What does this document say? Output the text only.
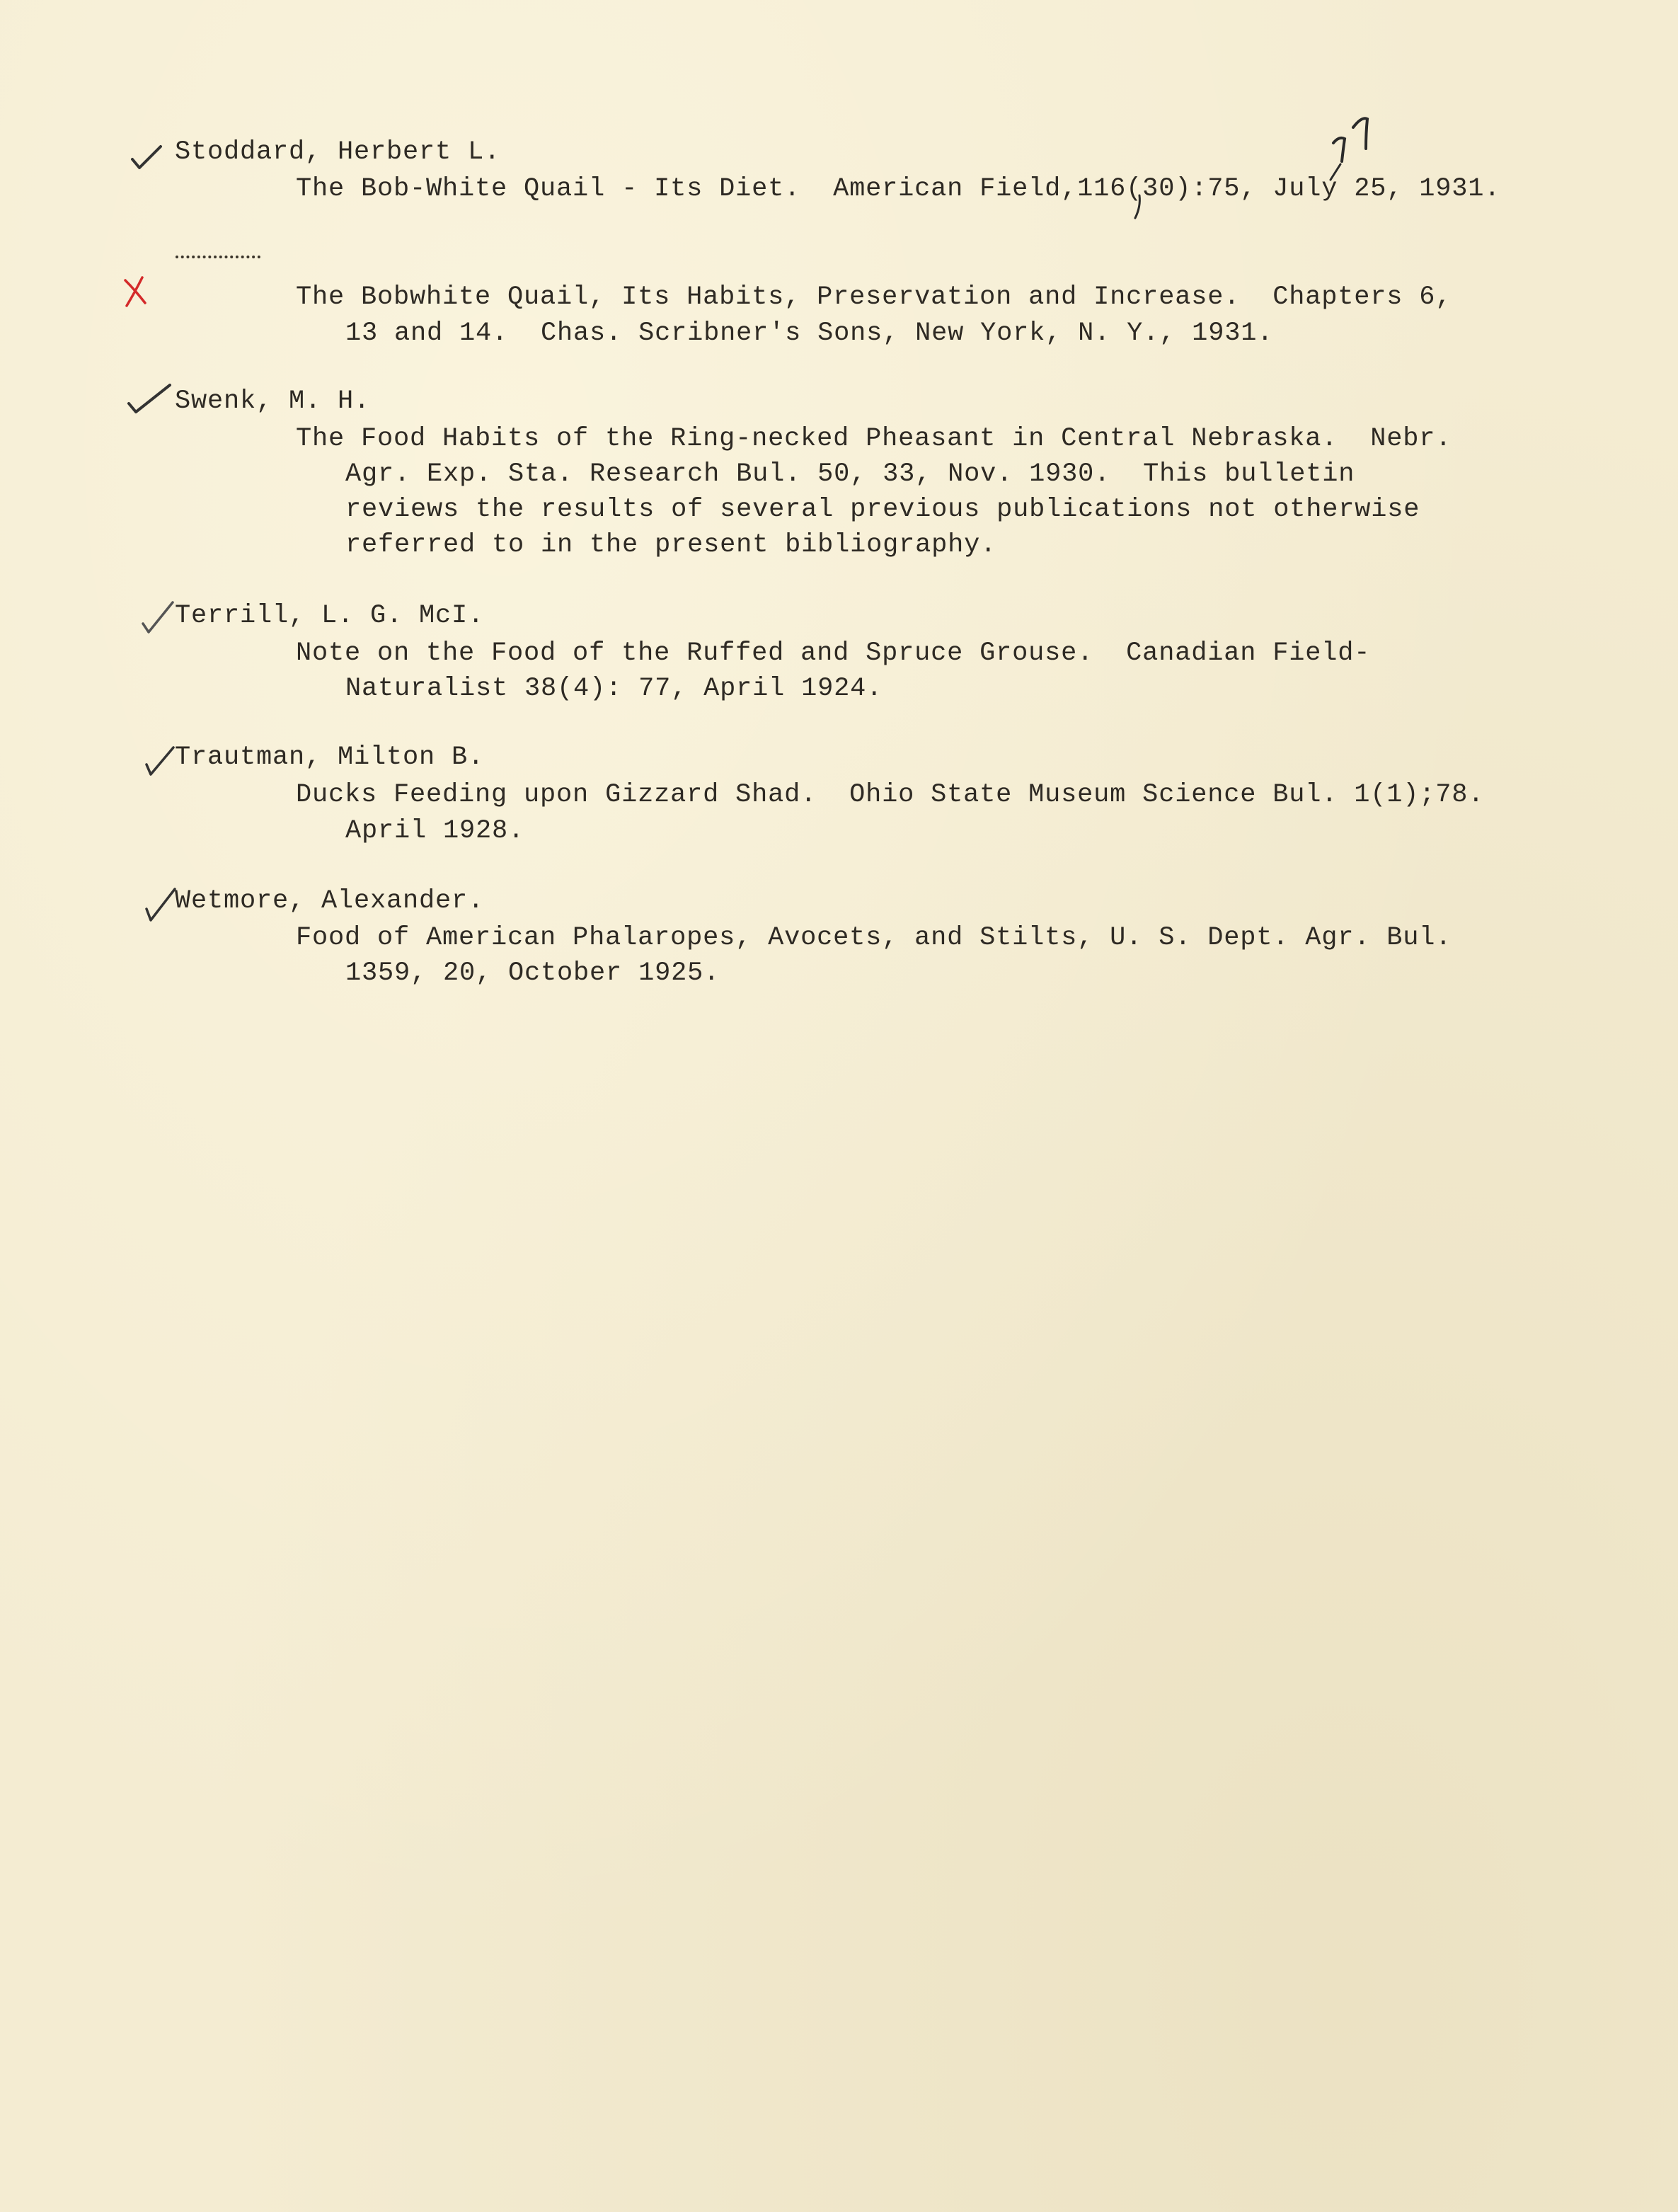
Stoddard, Herbert L.
The Bob-White Quail - Its Diet.  American Field,116(30):75, July 25, 1931.
The Bobwhite Quail, Its Habits, Preservation and Increase.  Chapters 6,
13 and 14.  Chas. Scribner's Sons, New York, N. Y., 1931.
Swenk, M. H.
The Food Habits of the Ring-necked Pheasant in Central Nebraska.  Nebr.
Agr. Exp. Sta. Research Bul. 50, 33, Nov. 1930.  This bulletin
reviews the results of several previous publications not otherwise
referred to in the present bibliography.
Terrill, L. G. McI.
Note on the Food of the Ruffed and Spruce Grouse.  Canadian Field-
Naturalist 38(4): 77, April 1924.
Trautman, Milton B.
Ducks Feeding upon Gizzard Shad.  Ohio State Museum Science Bul. 1(1);78.
April 1928.
Wetmore, Alexander.
Food of American Phalaropes, Avocets, and Stilts, U. S. Dept. Agr. Bul.
1359, 20, October 1925.
